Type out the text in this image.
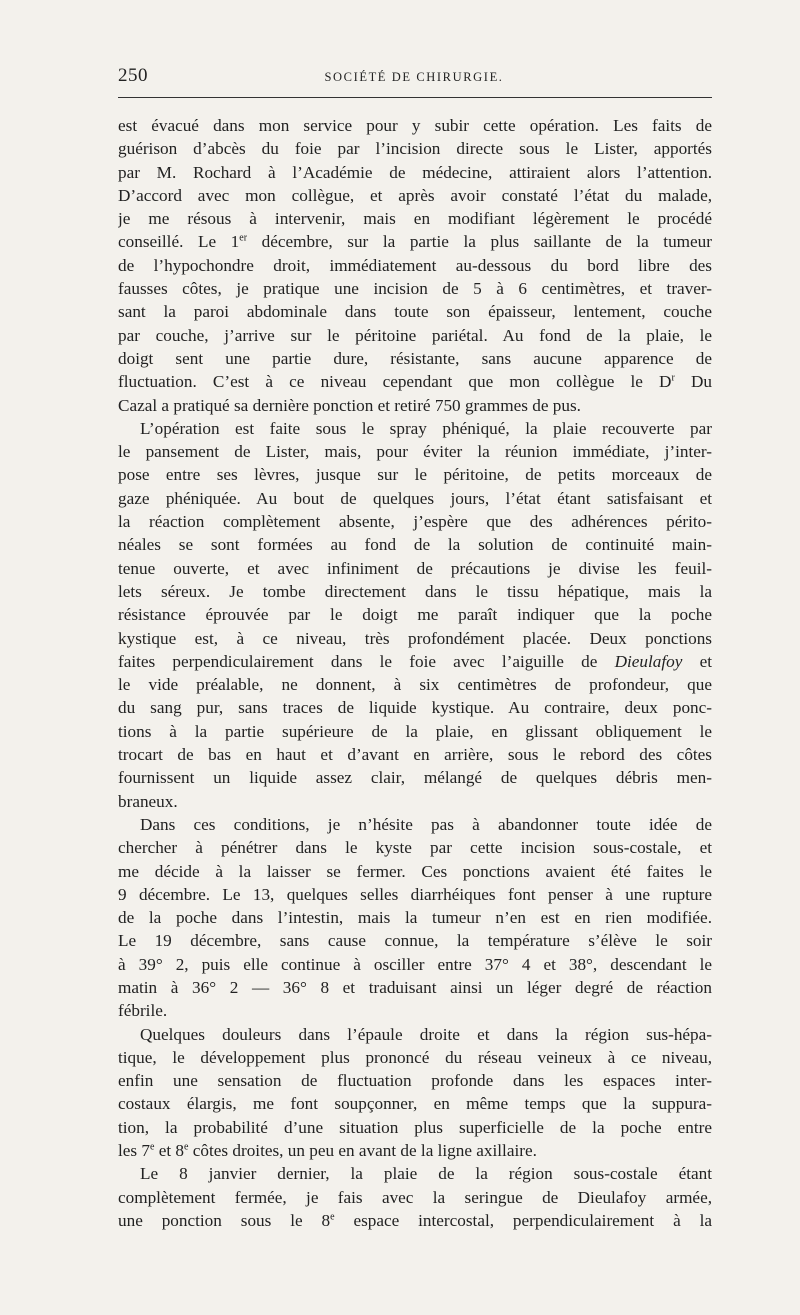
250	SOCIÉTÉ DE CHIRURGIE.
est évacué dans mon service pour y subir cette opération. Les faits de
guérison d’abcès du foie par l’incision directe sous le Lister, apportés
par M. Rochard à l’Académie de médecine, attiraient alors l’attention.
D’accord avec mon collègue, et après avoir constaté l’état du malade,
je me résous à intervenir, mais en modifiant légèrement le procédé
conseillé. Le 1er décembre, sur la partie la plus saillante de la tumeur
de l’hypochondre droit, immédiatement au-dessous du bord libre des
fausses côtes, je pratique une incision de 5 à 6 centimètres, et traver-
sant la paroi abdominale dans toute son épaisseur, lentement, couche
par couche, j’arrive sur le péritoine pariétal. Au fond de la plaie, le
doigt sent une partie dure, résistante, sans aucune apparence de
fluctuation. C’est à ce niveau cependant que mon collègue le $D^r$ Du
Cazal a pratiqué sa dernière ponction et retiré 750 grammes de pus.
L’opération est faite sous le spray phéniqué, la plaie recouverte par
le pansement de Lister, mais, pour éviter la réunion immédiate, j’inter-
pose entre ses lèvres, jusque sur le péritoine, de petits morceaux de
gaze phéniquée. Au bout de quelques jours, l’état étant satisfaisant et
la réaction complètement absente, j’espère que des adhérences périto-
néales se sont formées au fond de la solution de continuité main-
tenue ouverte, et avec infiniment de précautions je divise les feuil-
lets séreux. Je tombe directement dans le tissu hépatique, mais la
résistance éprouvée par le doigt me paraît indiquer que la poche
kystique est, à ce niveau, très profondément placée. Deux ponctions
faites perpendiculairement dans le foie avec l’aiguille de Dieulafoy et
le vide préalable, ne donnent, à six centimètres de profondeur, que
du sang pur, sans traces de liquide kystique. Au contraire, deux ponc-
tions à la partie supérieure de la plaie, en glissant obliquement le
trocart de bas en haut et d’avant en arrière, sous le rebord des côtes
fournissent un liquide assez clair, mélangé de quelques débris men-
braneux.
Dans ces conditions, je n’hésite pas à abandonner toute idée de
chercher à pénétrer dans le kyste par cette incision sous-costale, et
me décide à la laisser se fermer. Ces ponctions avaient été faites le
9 décembre. Le 13, quelques selles diarrhéiques font penser à une rupture
de la poche dans l’intestin, mais la tumeur n’en est en rien modifiée.
Le 19 décembre, sans cause connue, la température s’élève le soir
à 39° 2, puis elle continue à osciller entre 37° 4 et 38°, descendant le
matin à 36° 2 — 36° 8 et traduisant ainsi un léger degré de réaction
fébrile.
Quelques douleurs dans l’épaule droite et dans la région sus-hépa-
tique, le développement plus prononcé du réseau veineux à ce niveau,
enfin une sensation de fluctuation profonde dans les espaces inter-
costaux élargis, me font soupçonner, en même temps que la suppura-
tion, la probabilité d’une situation plus superficielle de la poche entre
les 7e et 8e côtes droites, un peu en avant de la ligne axillaire.
Le 8 janvier dernier, la plaie de la région sous-costale étant
complètement fermée, je fais avec la seringue de Dieulafoy armée,
une ponction sous le 8e espace intercostal, perpendiculairement à la
